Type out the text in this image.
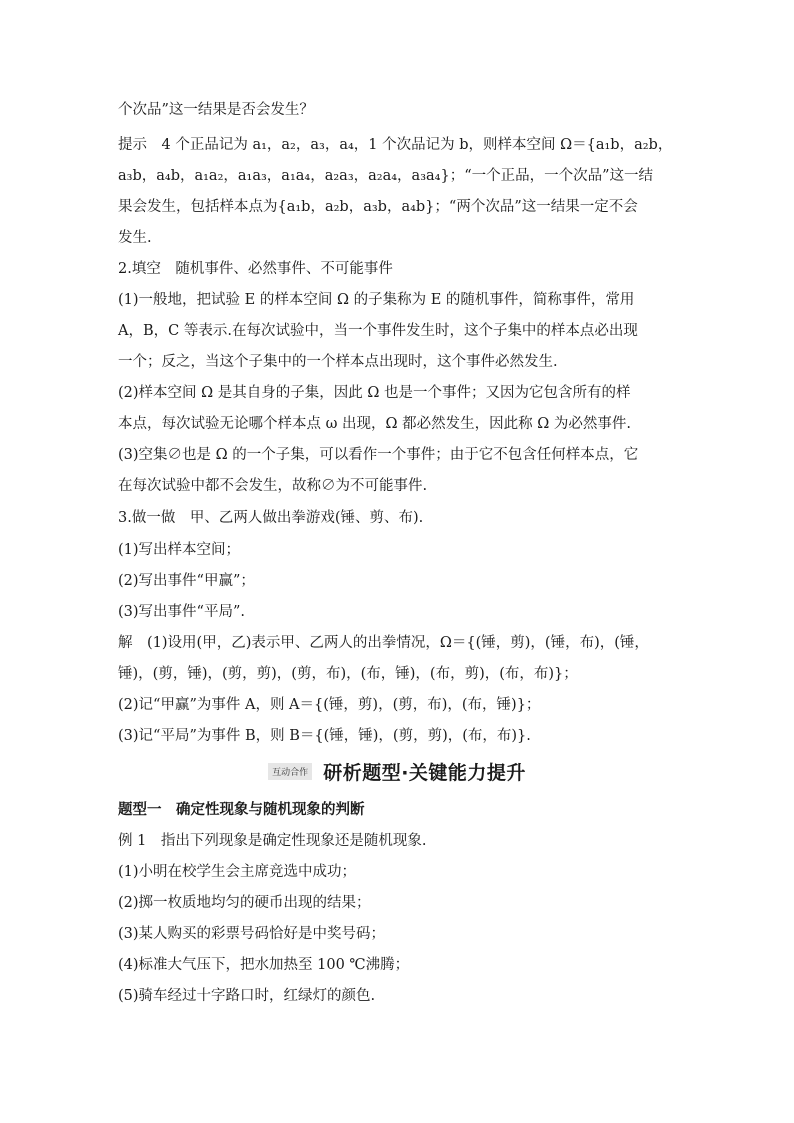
个次品”这一结果是否会发生？
提示　4 个正品记为 a₁，a₂，a₃，a₄，1 个次品记为 b，则样本空间 Ω＝{a₁b，a₂b，
a₃b，a₄b，a₁a₂，a₁a₃，a₁a₄，a₂a₃，a₂a₄，a₃a₄}；“一个正品，一个次品”这一结
果会发生，包括样本点为{a₁b，a₂b，a₃b，a₄b}；“两个次品”这一结果一定不会
发生.
2.填空　随机事件、必然事件、不可能事件
(1)一般地，把试验 E 的样本空间 Ω 的子集称为 E 的随机事件，简称事件，常用
A，B，C 等表示.在每次试验中，当一个事件发生时，这个子集中的样本点必出现
一个；反之，当这个子集中的一个样本点出现时，这个事件必然发生.
(2)样本空间 Ω 是其自身的子集，因此 Ω 也是一个事件；又因为它包含所有的样
本点，每次试验无论哪个样本点 ω 出现，Ω 都必然发生，因此称 Ω 为必然事件.
(3)空集∅也是 Ω 的一个子集，可以看作一个事件；由于它不包含任何样本点，它
在每次试验中都不会发生，故称∅为不可能事件.
3.做一做　甲、乙两人做出拳游戏(锤、剪、布).
(1)写出样本空间；
(2)写出事件“甲赢”；
(3)写出事件“平局”.
解　(1)设用(甲，乙)表示甲、乙两人的出拳情况，Ω＝{(锤，剪)，(锤，布)，(锤，
锤)，(剪，锤)，(剪，剪)，(剪，布)，(布，锤)，(布，剪)，(布，布)}；
(2)记“甲赢”为事件 A，则 A＝{(锤，剪)，(剪，布)，(布，锤)}；
(3)记“平局”为事件 B，则 B＝{(锤，锤)，(剪，剪)，(布，布)}.
互动合作 研析题型·关键能力提升
题型一　确定性现象与随机现象的判断
例 1　指出下列现象是确定性现象还是随机现象.
(1)小明在校学生会主席竞选中成功；
(2)掷一枚质地均匀的硬币出现的结果；
(3)某人购买的彩票号码恰好是中奖号码；
(4)标准大气压下，把水加热至 100 ℃沸腾；
(5)骑车经过十字路口时，红绿灯的颜色.
